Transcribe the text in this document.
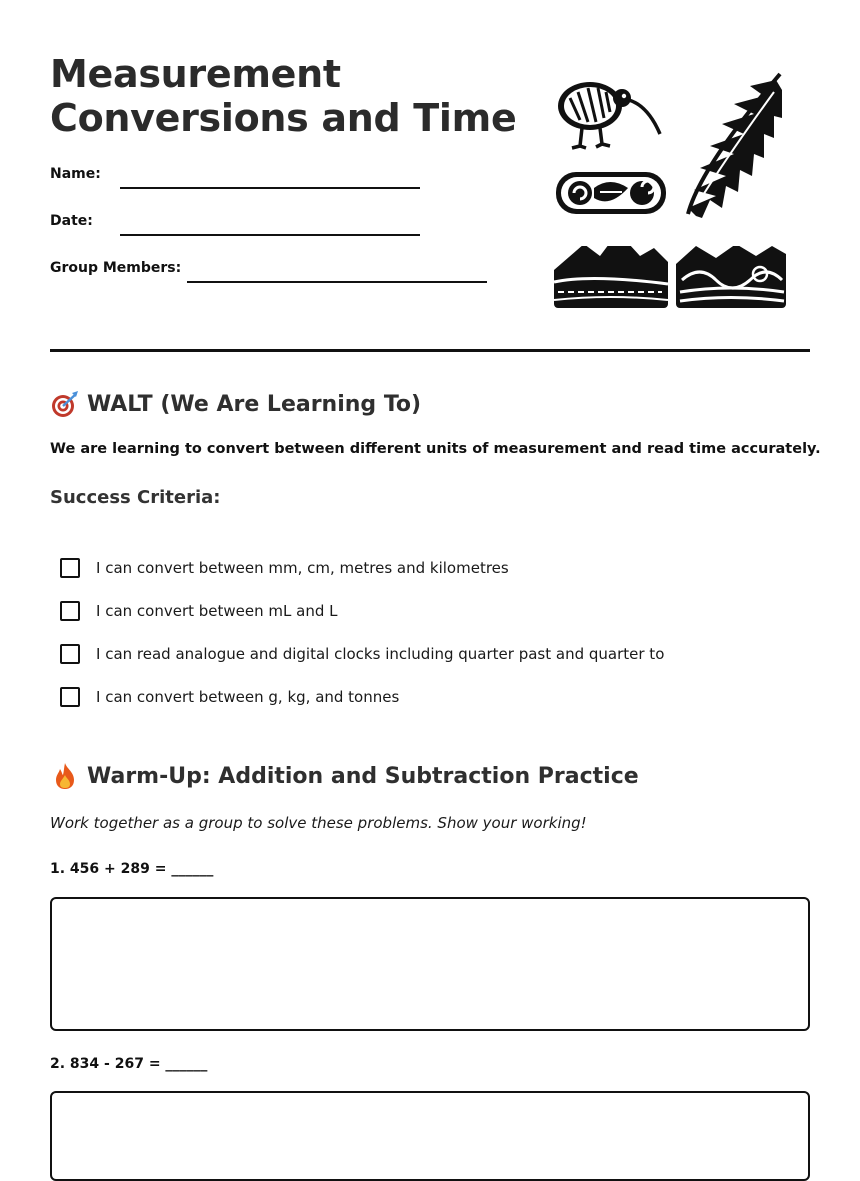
Measurement
Conversions and Time
Name:
Date:
Group Members:
WALT (We Are Learning To)
We are learning to convert between different units of measurement and read time accurately.
Success Criteria:
I can convert between mm, cm, metres and kilometres
I can convert between mL and L
I can read analogue and digital clocks including quarter past and quarter to
I can convert between g, kg, and tonnes
Warm-Up: Addition and Subtraction Practice
Work together as a group to solve these problems. Show your working!
1. 456 + 289 = ______
2. 834 - 267 = ______
